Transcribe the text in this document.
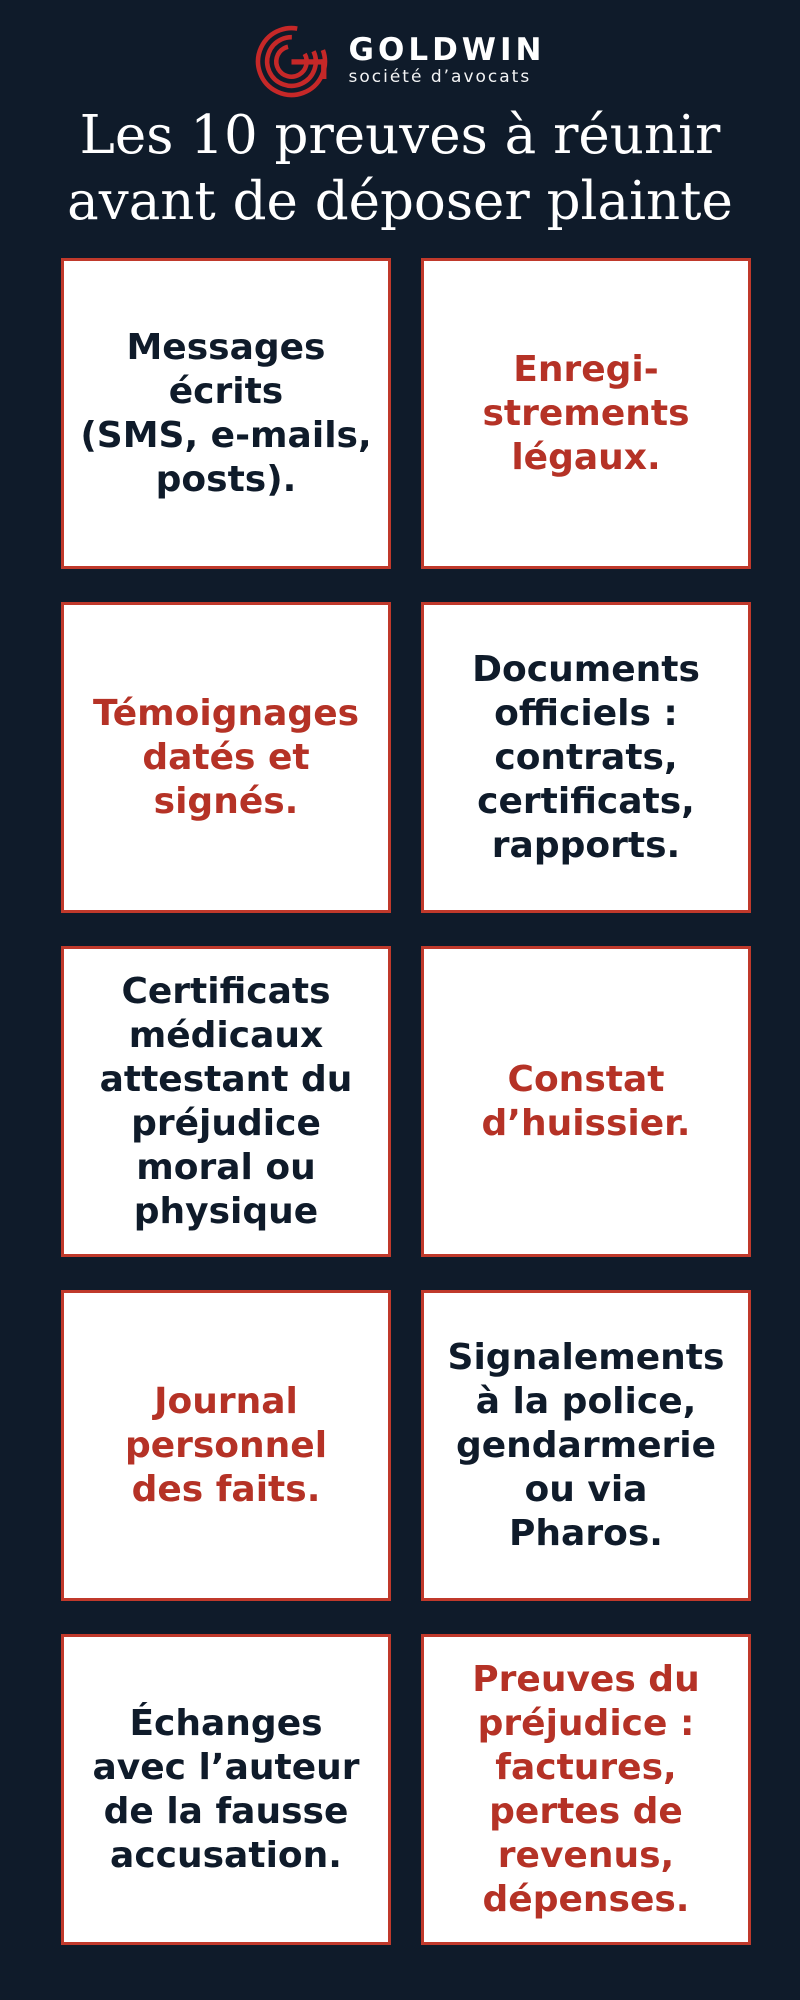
GOLDWIN
société d’avocats
Les 10 preuves à réunir
avant de déposer plainte
Messages
écrits
(SMS, e-mails,
posts).
Enregi-
strements
légaux.
Témoignages
datés et
signés.
Documents
officiels :
contrats,
certificats,
rapports.
Certificats
médicaux
attestant du
préjudice
moral ou
physique
Constat
d’huissier.
Journal
personnel
des faits.
Signalements
à la police,
gendarmerie
ou via
Pharos.
Échanges
avec l’auteur
de la fausse
accusation.
Preuves du
préjudice :
factures,
pertes de
revenus,
dépenses.
